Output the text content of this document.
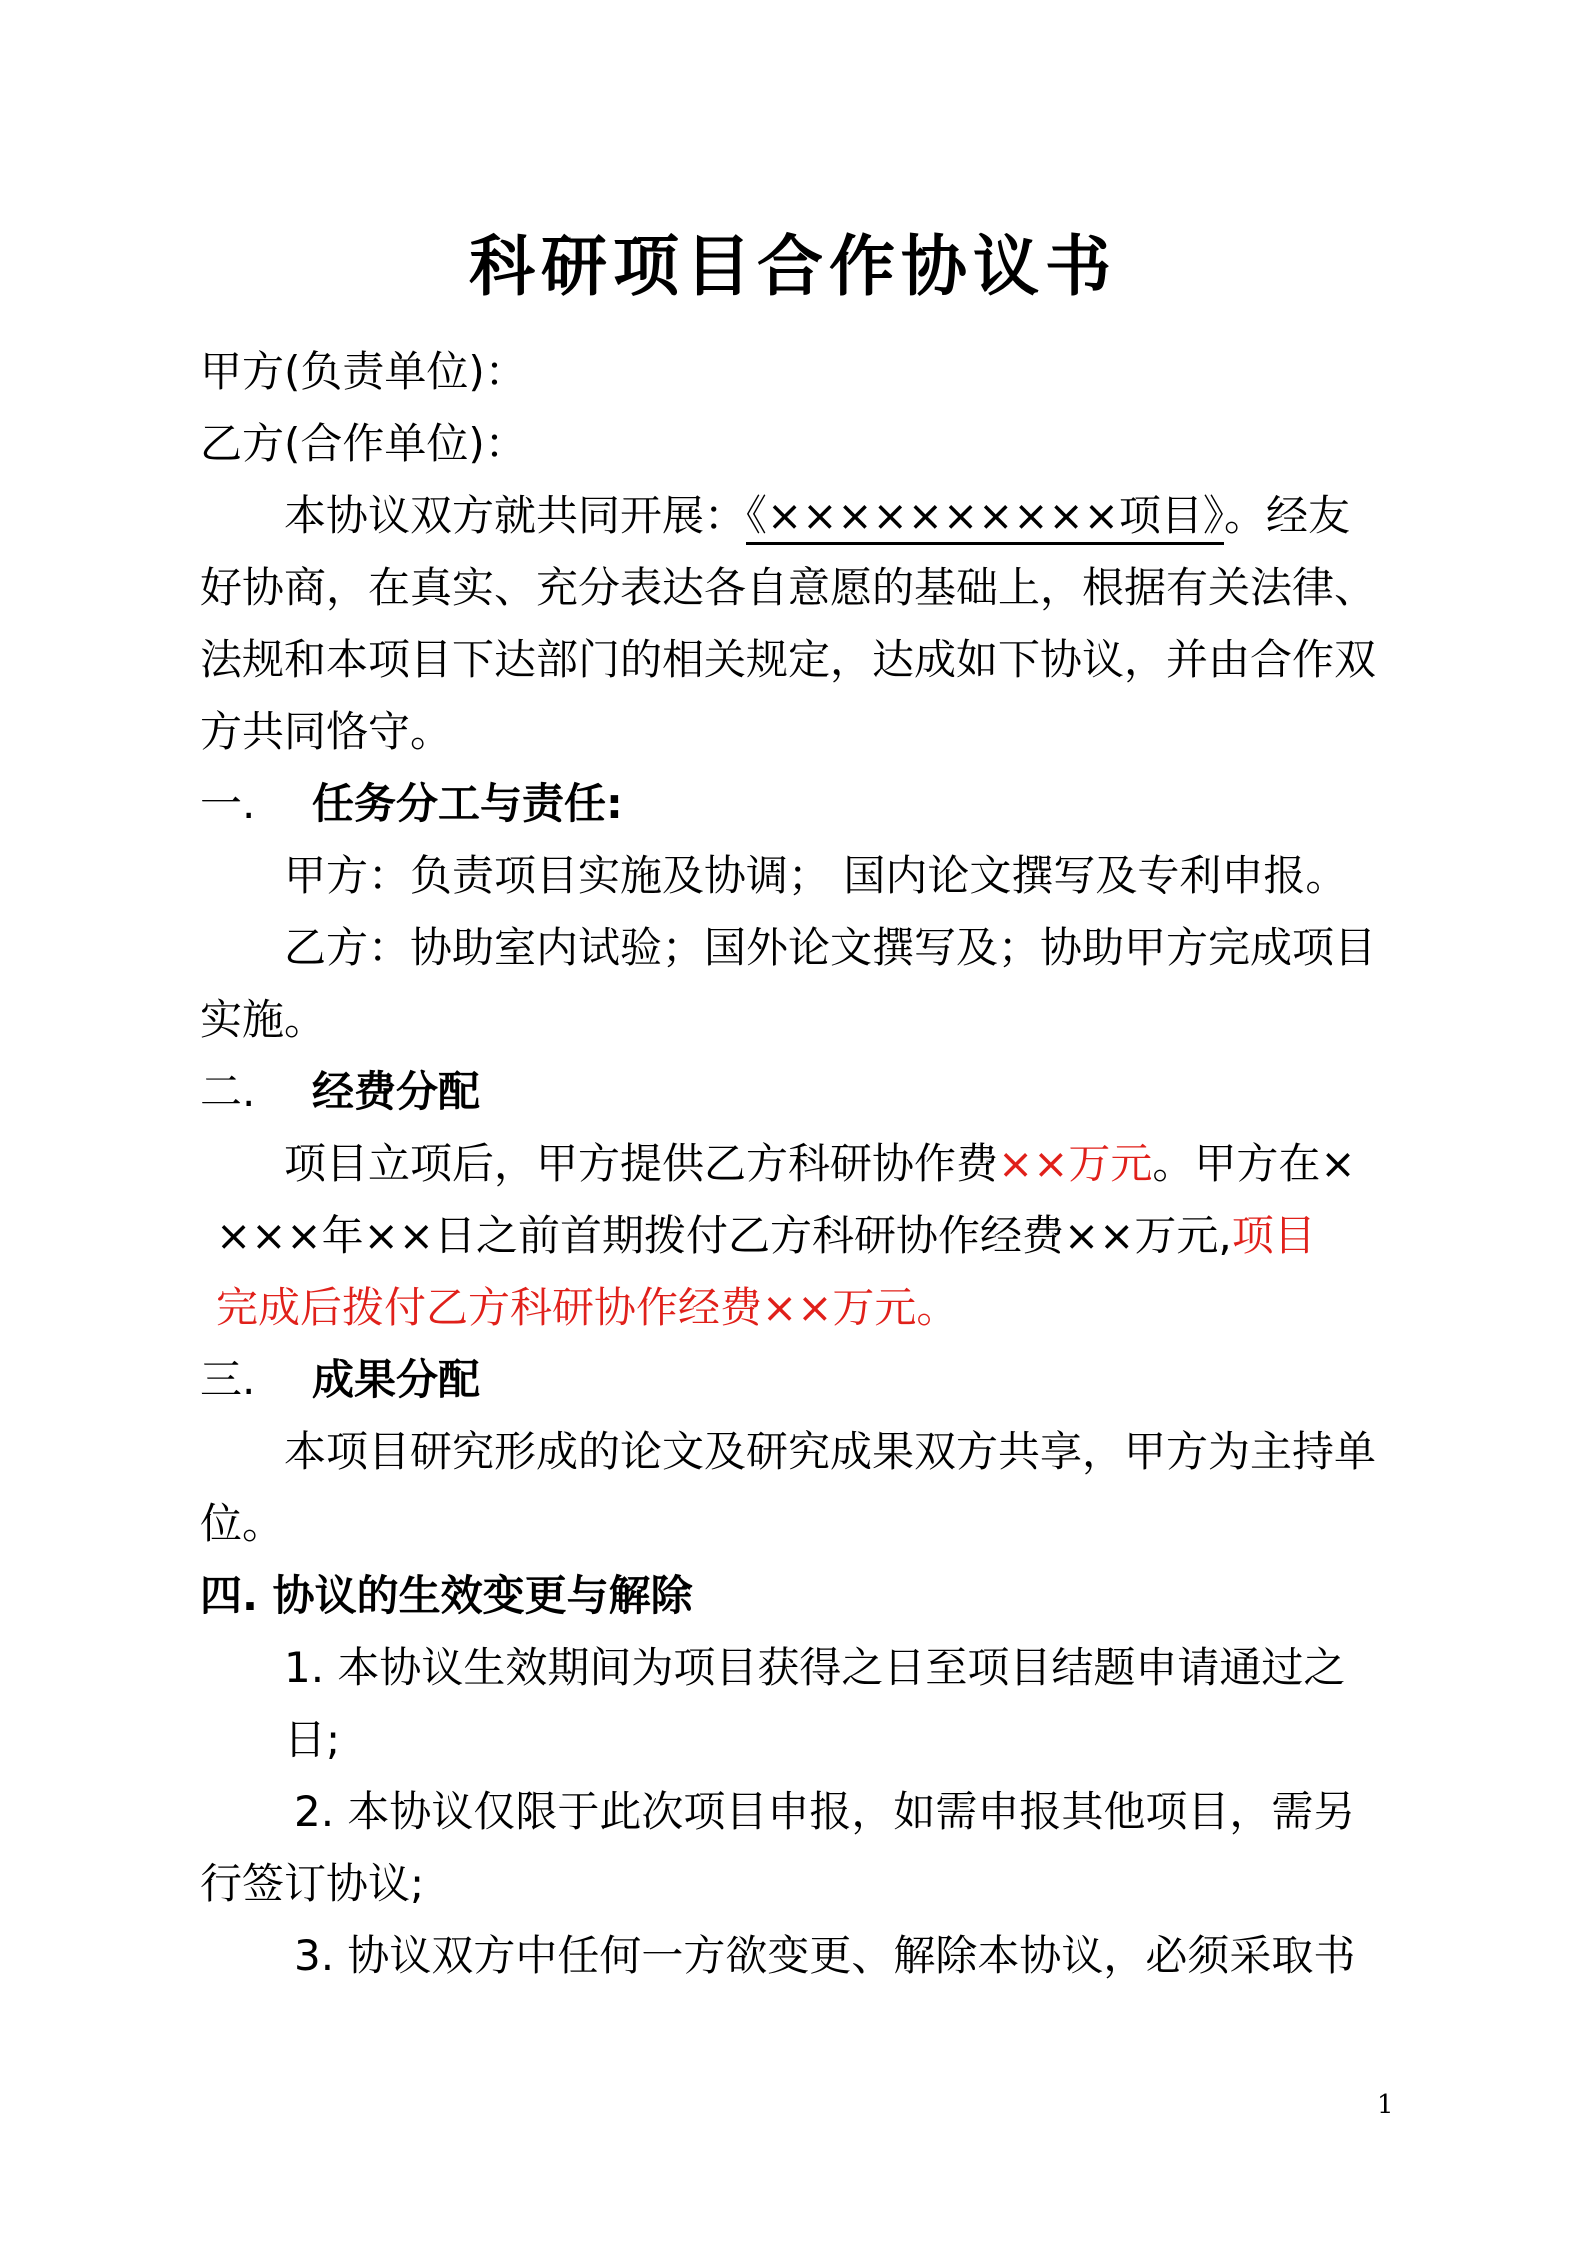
科研项目合作协议书
甲方(负责单位)：
乙方(合作单位)：
本协议双方就共同开展：《××××××××××项目》。经友
好协商，在真实、充分表达各自意愿的基础上，根据有关法律、
法规和本项目下达部门的相关规定，达成如下协议，并由合作双
方共同恪守。
一. 任务分工与责任:
甲方：负责项目实施及协调； 国内论文撰写及专利申报。
乙方：协助室内试验；国外论文撰写及；协助甲方完成项目
实施。
二. 经费分配
项目立项后，甲方提供乙方科研协作费××万元。甲方在×
×××年××日之前首期拨付乙方科研协作经费××万元,项目
完成后拨付乙方科研协作经费××万元。
三. 成果分配
本项目研究形成的论文及研究成果双方共享，甲方为主持单
位。
四. 协议的生效变更与解除
1. 本协议生效期间为项目获得之日至项目结题申请通过之
日;
2. 本协议仅限于此次项目申报，如需申报其他项目，需另
行签订协议;
3. 协议双方中任何一方欲变更、解除本协议，必须采取书
1
